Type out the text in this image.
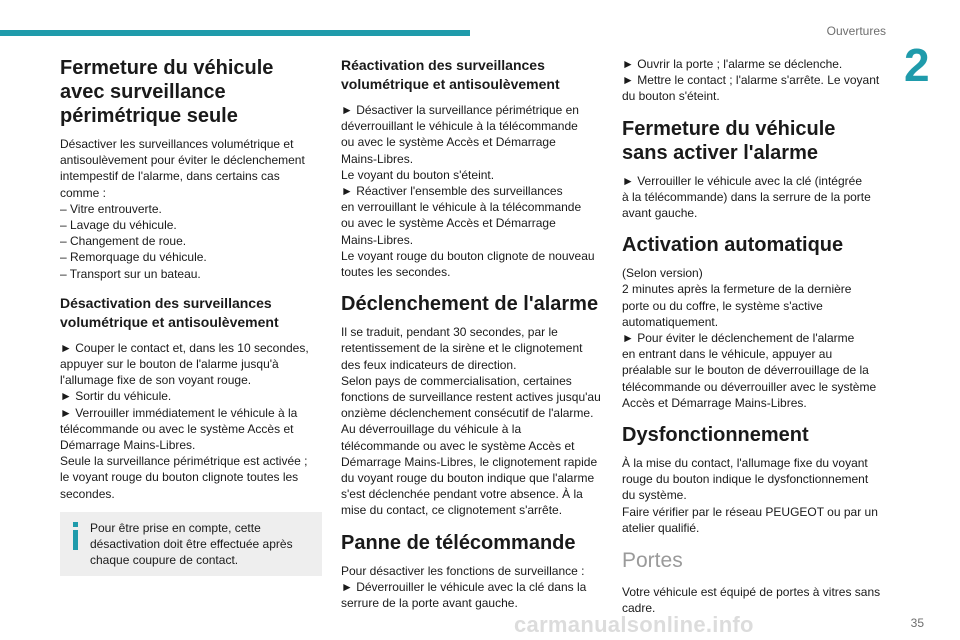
Ouvertures
2
Fermeture du véhicule avec surveillance périmétrique seule

Désactiver les surveillances volumétrique et

antisoulèvement pour éviter le déclenchement

intempestif de l'alarme, dans certains cas

comme :

– Vitre entrouverte.

– Lavage du véhicule.

– Changement de roue.

– Remorquage du véhicule.

– Transport sur un bateau.

Désactivation des surveillances volumétrique et antisoulèvement

► Couper le contact et, dans les 10 secondes,

appuyer sur le bouton de l'alarme jusqu'à

l'allumage fixe de son voyant rouge.

► Sortir du véhicule.

► Verrouiller immédiatement le véhicule à la

télécommande ou avec le système Accès et

Démarrage Mains-Libres.

Seule la surveillance périmétrique est activée ;

le voyant rouge du bouton clignote toutes les

secondes.

Pour être prise en compte, cette

désactivation doit être effectuée après

chaque coupure de contact.

Réactivation des surveillances volumétrique et antisoulèvement

► Désactiver la surveillance périmétrique en

déverrouillant le véhicule à la télécommande

ou avec le système Accès et Démarrage

Mains-Libres.

Le voyant du bouton s'éteint.

► Réactiver l'ensemble des surveillances

en verrouillant le véhicule à la télécommande

ou avec le système Accès et Démarrage

Mains-Libres.

Le voyant rouge du bouton clignote de nouveau

toutes les secondes.

Déclenchement de l'alarme

Il se traduit, pendant 30 secondes, par le

retentissement de la sirène et le clignotement

des feux indicateurs de direction.

Selon pays de commercialisation, certaines

fonctions de surveillance restent actives jusqu'au

onzième déclenchement consécutif de l'alarme.

Au déverrouillage du véhicule à la

télécommande ou avec le système Accès et

Démarrage Mains-Libres, le clignotement rapide

du voyant rouge du bouton indique que l'alarme

s'est déclenchée pendant votre absence. À la

mise du contact, ce clignotement s'arrête.

Panne de télécommande

Pour désactiver les fonctions de surveillance :

► Déverrouiller le véhicule avec la clé dans la

serrure de la porte avant gauche.

► Ouvrir la porte ; l'alarme se déclenche.

► Mettre le contact ; l'alarme s'arrête. Le voyant

du bouton s'éteint.

Fermeture du véhicule sans activer l'alarme

► Verrouiller le véhicule avec la clé (intégrée

à la télécommande) dans la serrure de la porte

avant gauche.

Activation automatique

(Selon version)

2 minutes après la fermeture de la dernière

porte ou du coffre, le système s'active

automatiquement.

► Pour éviter le déclenchement de l'alarme

en entrant dans le véhicule, appuyer au

préalable sur le bouton de déverrouillage de la

télécommande ou déverrouiller avec le système

Accès et Démarrage Mains-Libres.

Dysfonctionnement

À la mise du contact, l'allumage fixe du voyant

rouge du bouton indique le dysfonctionnement

du système.

Faire vérifier par le réseau PEUGEOT ou par un

atelier qualifié.

Portes

Votre véhicule est équipé de portes à vitres sans

cadre.

carmanualsonline.info	35
